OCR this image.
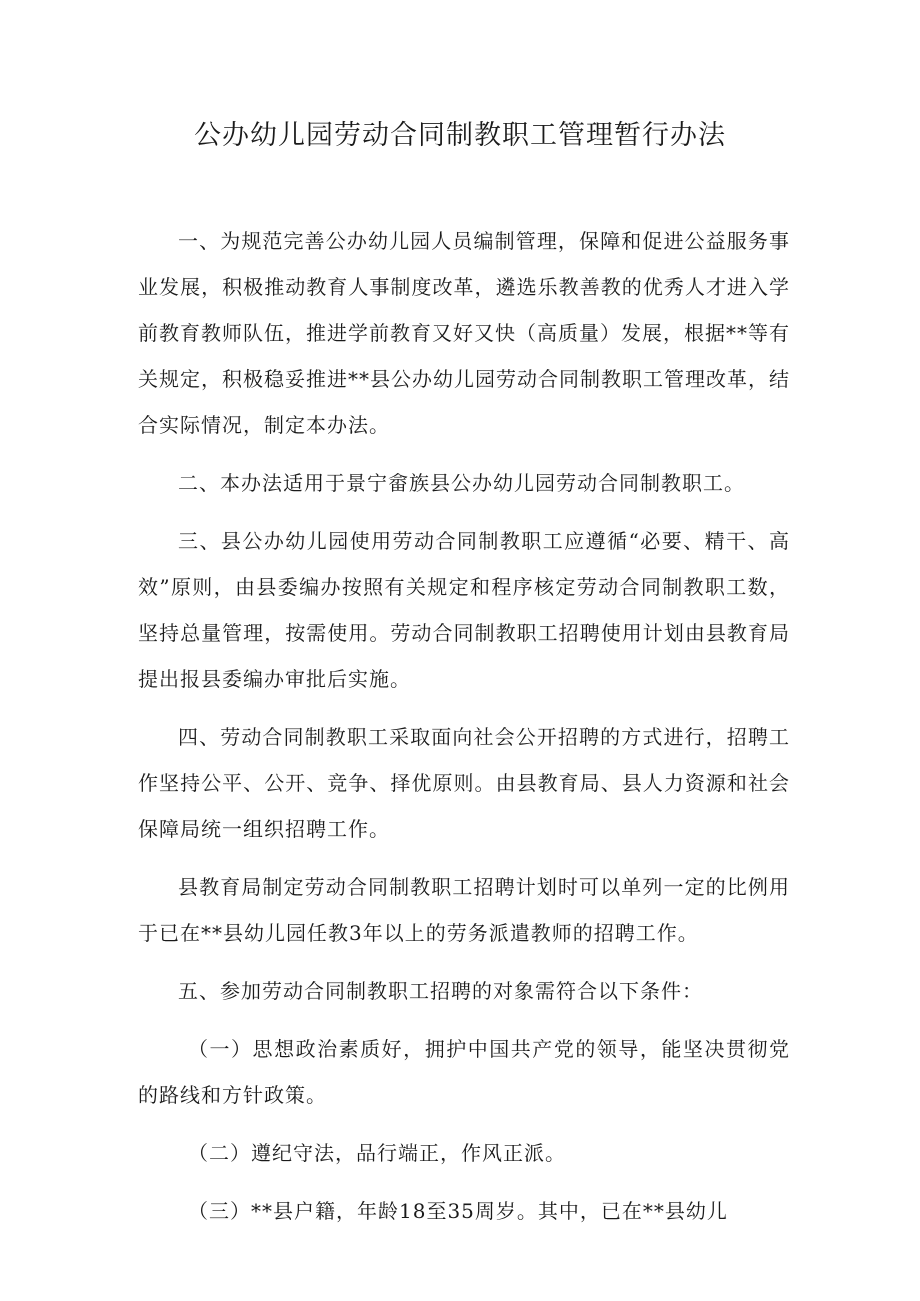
公办幼儿园劳动合同制教职工管理暂行办法

一、为规范完善公办幼儿园人员编制管理，保障和促进公益服务事业发展，积极推动教育人事制度改革，遴选乐教善教的优秀人才进入学前教育教师队伍，推进学前教育又好又快（高质量）发展，根据**等有关规定，积极稳妥推进**县公办幼儿园劳动合同制教职工管理改革，结合实际情况，制定本办法。

二、本办法适用于景宁畲族县公办幼儿园劳动合同制教职工。

三、县公办幼儿园使用劳动合同制教职工应遵循“必要、精干、高效”原则，由县委编办按照有关规定和程序核定劳动合同制教职工数，坚持总量管理，按需使用。劳动合同制教职工招聘使用计划由县教育局提出报县委编办审批后实施。

四、劳动合同制教职工采取面向社会公开招聘的方式进行，招聘工作坚持公平、公开、竞争、择优原则。由县教育局、县人力资源和社会保障局统一组织招聘工作。

县教育局制定劳动合同制教职工招聘计划时可以单列一定的比例用于已在**县幼儿园任教3年以上的劳务派遣教师的招聘工作。

五、参加劳动合同制教职工招聘的对象需符合以下条件：

（一）思想政治素质好，拥护中国共产党的领导，能坚决贯彻党的路线和方针政策。

（二）遵纪守法，品行端正，作风正派。

（三）**县户籍，年龄18至35周岁。其中，已在**县幼儿
